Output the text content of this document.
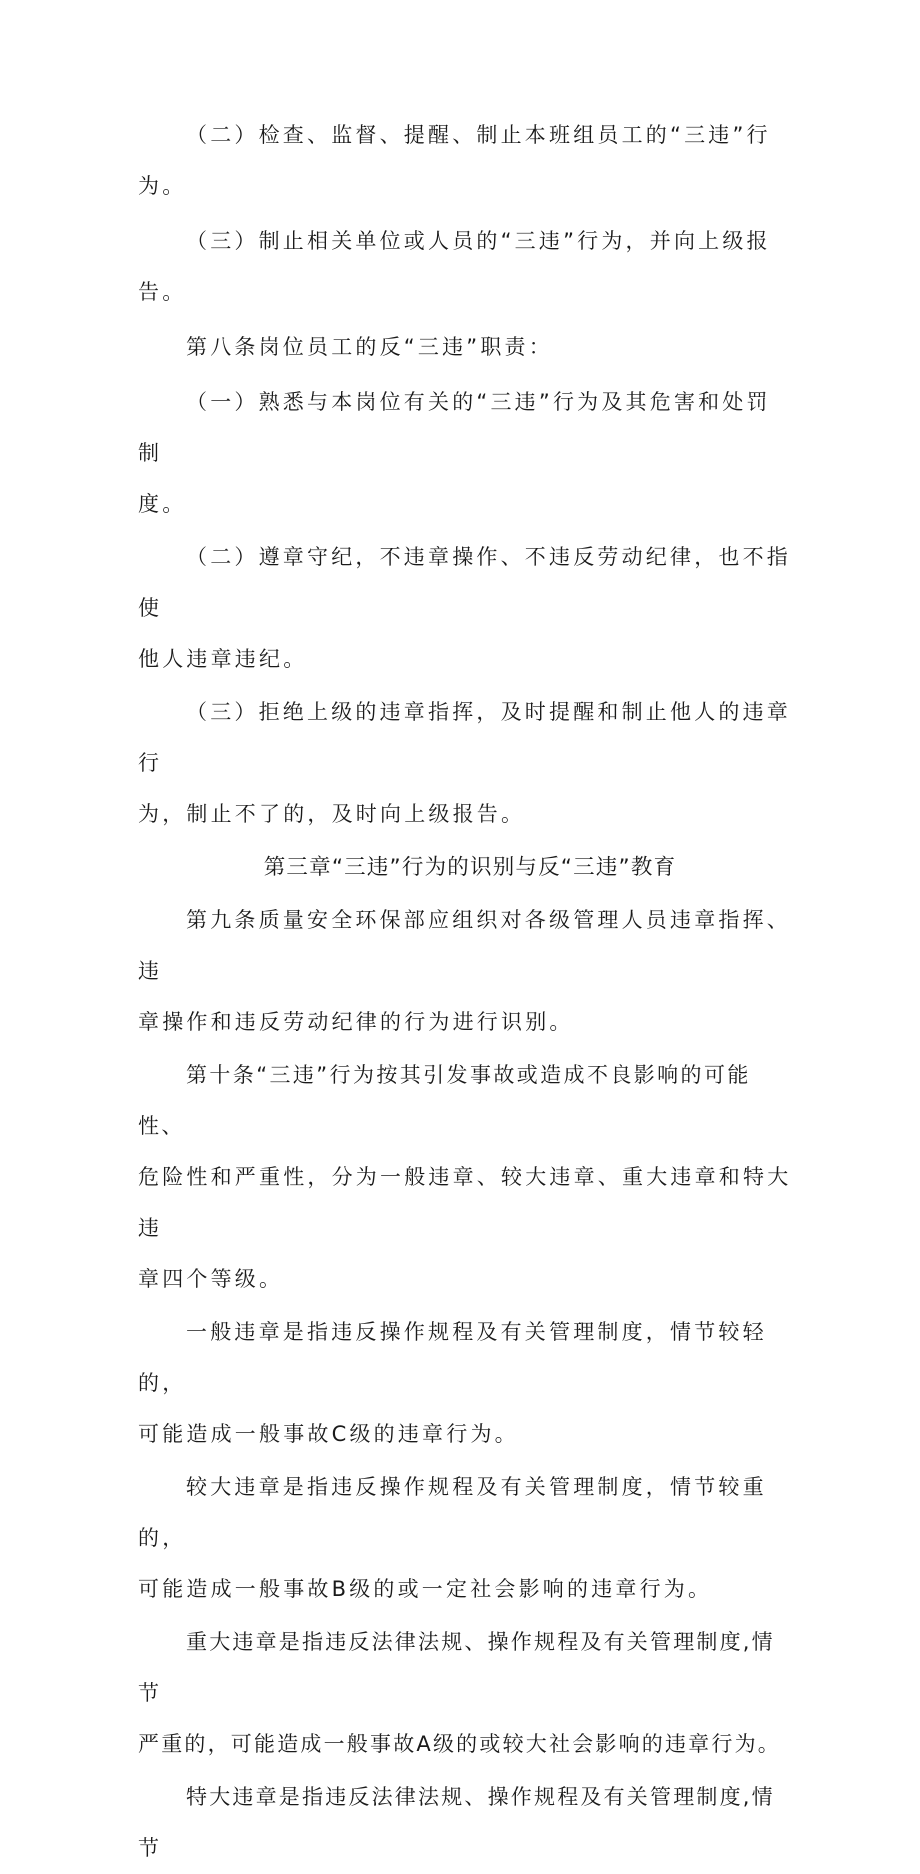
（二）检查、监督、提醒、制止本班组员工的“三违”行为。

（三）制止相关单位或人员的“三违”行为，并向上级报告。

第八条岗位员工的反“三违”职责：

（一）熟悉与本岗位有关的“三违”行为及其危害和处罚制

度。

（二）遵章守纪，不违章操作、不违反劳动纪律，也不指使

他人违章违纪。

（三）拒绝上级的违章指挥，及时提醒和制止他人的违章行

为，制止不了的，及时向上级报告。

第三章“三违”行为的识别与反“三违”教育

第九条质量安全环保部应组织对各级管理人员违章指挥、违

章操作和违反劳动纪律的行为进行识别。

第十条“三违”行为按其引发事故或造成不良影响的可能性、

危险性和严重性，分为一般违章、较大违章、重大违章和特大违

章四个等级。

一般违章是指违反操作规程及有关管理制度，情节较轻的，

可能造成一般事故C级的违章行为。

较大违章是指违反操作规程及有关管理制度，情节较重的，

可能造成一般事故B级的或一定社会影响的违章行为。

重大违章是指违反法律法规、操作规程及有关管理制度,情节

严重的，可能造成一般事故A级的或较大社会影响的违章行为。

特大违章是指违反法律法规、操作规程及有关管理制度,情节
